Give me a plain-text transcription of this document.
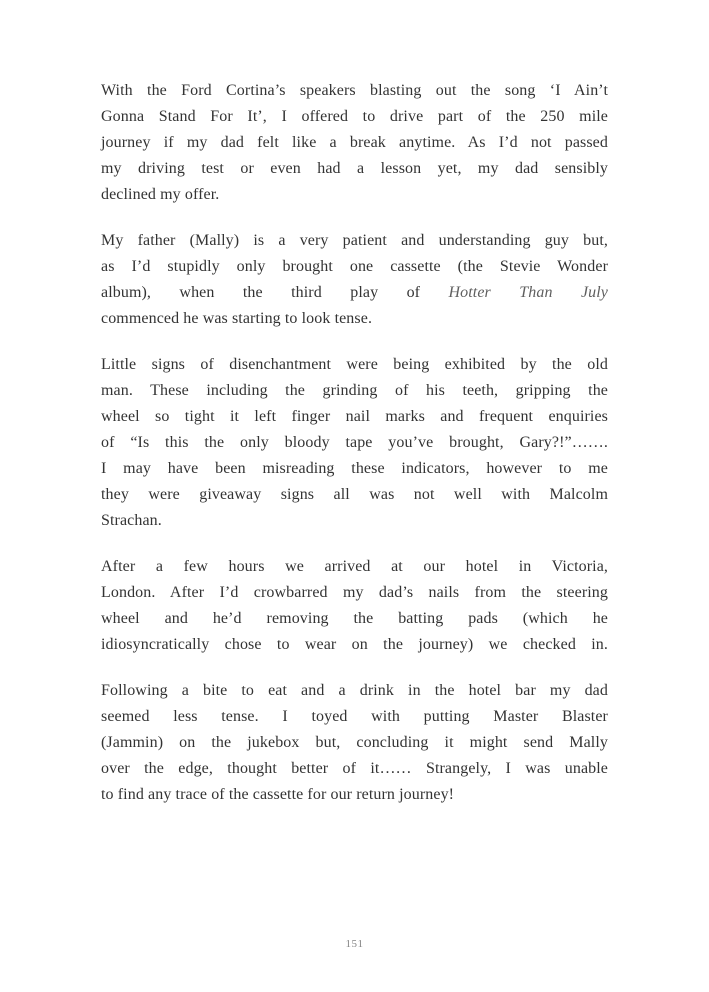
With the Ford Cortina’s speakers blasting out the song ‘I Ain’t
Gonna Stand For It’, I offered to drive part of the 250 mile
journey if my dad felt like a break anytime. As I’d not passed
my driving test or even had a lesson yet, my dad sensibly
declined my offer.
My father (Mally) is a very patient and understanding guy but,
as I’d stupidly only brought one cassette (the Stevie Wonder
album), when the third play of Hotter Than July
commenced he was starting to look tense.
Little signs of disenchantment were being exhibited by the old
man. These including the grinding of his teeth, gripping the
wheel so tight it left finger nail marks and frequent enquiries
of “Is this the only bloody tape you’ve brought, Gary?!”…….
I may have been misreading these indicators, however to me
they were giveaway signs all was not well with Malcolm
Strachan.
After a few hours we arrived at our hotel in Victoria,
London. After I’d crowbarred my dad’s nails from the steering
wheel and he’d removing the batting pads (which he
idiosyncratically chose to wear on the journey) we checked in.
Following a bite to eat and a drink in the hotel bar my dad
seemed less tense. I toyed with putting Master Blaster
(Jammin) on the jukebox but, concluding it might send Mally
over the edge, thought better of it…… Strangely, I was unable
to find any trace of the cassette for our return journey!
151
